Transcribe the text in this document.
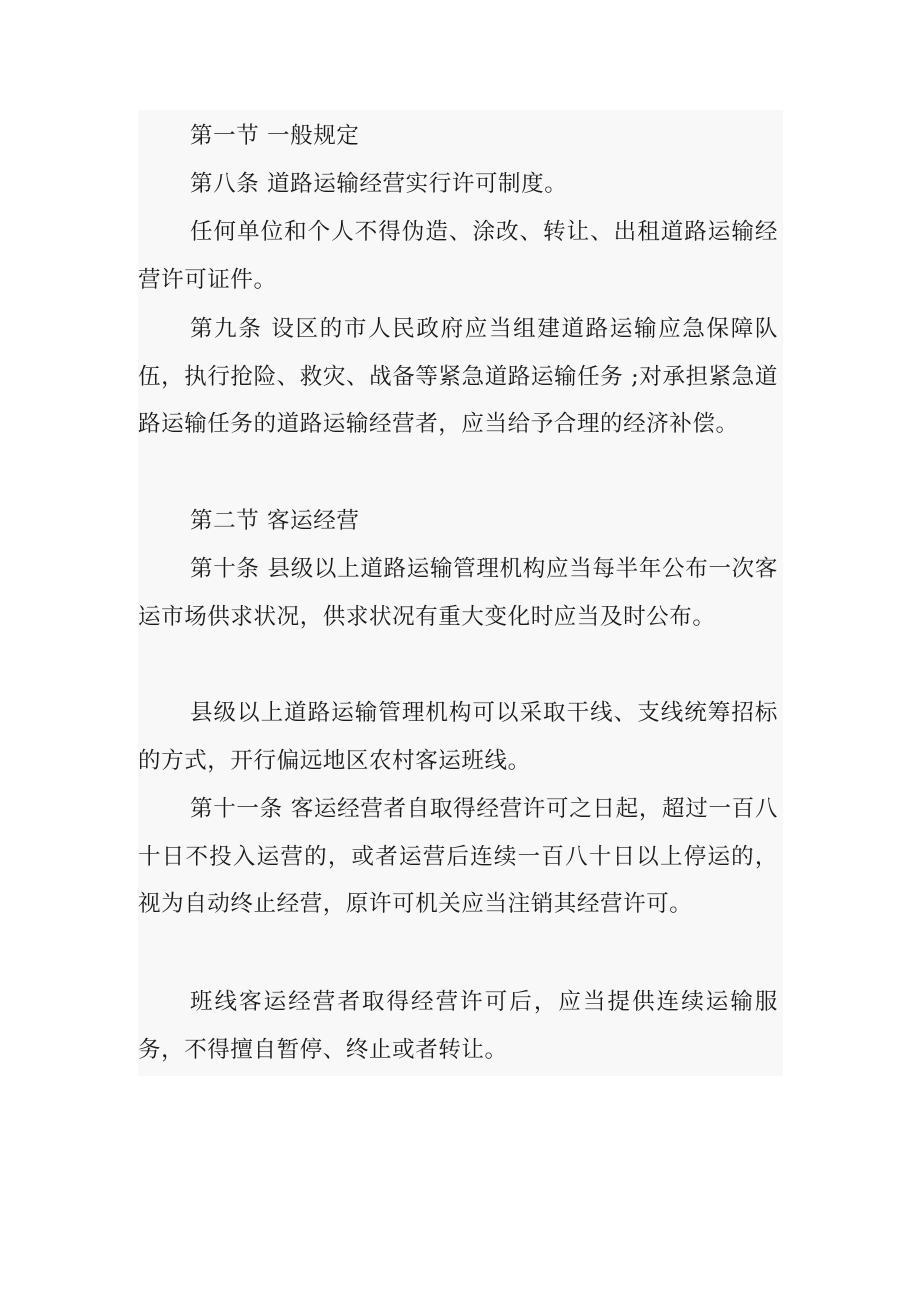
第一节 一般规定

第八条 道路运输经营实行许可制度。

任何单位和个人不得伪造、涂改、转让、出租道路运输经营许可证件。

第九条 设区的市人民政府应当组建道路运输应急保障队伍，执行抢险、救灾、战备等紧急道路运输任务 ;对承担紧急道路运输任务的道路运输经营者，应当给予合理的经济补偿。

第二节 客运经营

第十条 县级以上道路运输管理机构应当每半年公布一次客运市场供求状况，供求状况有重大变化时应当及时公布。

县级以上道路运输管理机构可以采取干线、支线统筹招标的方式，开行偏远地区农村客运班线。

第十一条 客运经营者自取得经营许可之日起，超过一百八十日不投入运营的，或者运营后连续一百八十日以上停运的，视为自动终止经营，原许可机关应当注销其经营许可。

班线客运经营者取得经营许可后，应当提供连续运输服务，不得擅自暂停、终止或者转让。
